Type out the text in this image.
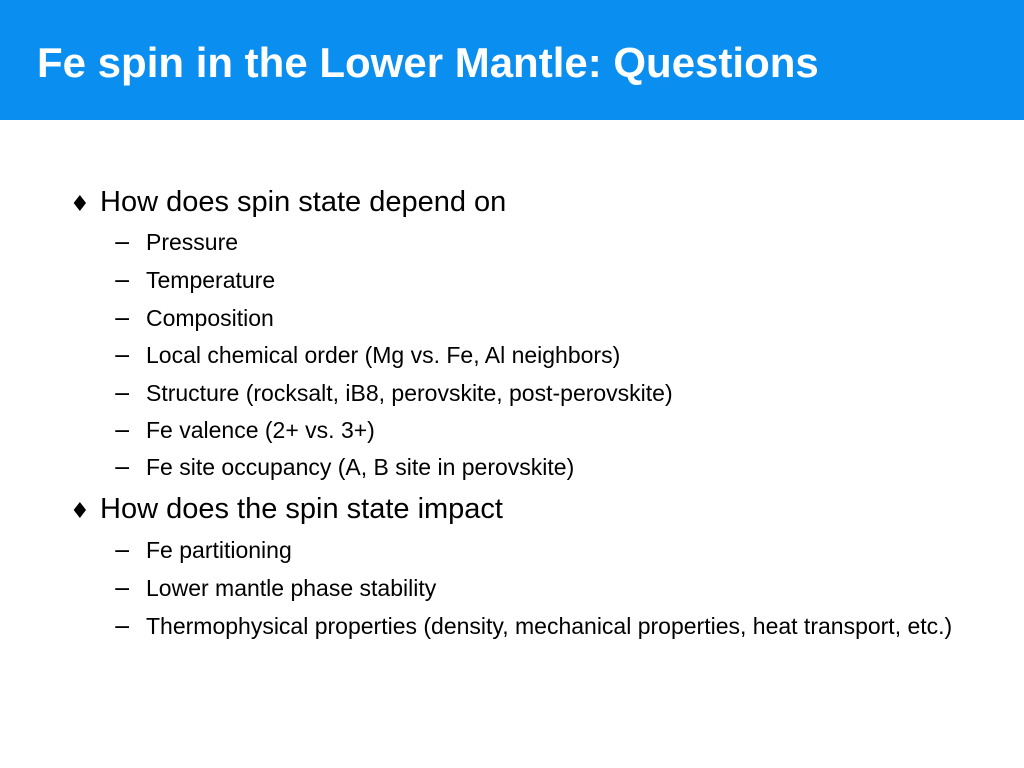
Fe spin in the Lower Mantle: Questions
♦ How does spin state depend on
− Pressure
− Temperature
− Composition
− Local chemical order (Mg vs. Fe, Al neighbors)
− Structure (rocksalt, iB8, perovskite, post-perovskite)
− Fe valence (2+ vs. 3+)
− Fe site occupancy (A, B site in perovskite)
♦ How does the spin state impact
− Fe partitioning
− Lower mantle phase stability
− Thermophysical properties (density, mechanical properties, heat transport, etc.)
